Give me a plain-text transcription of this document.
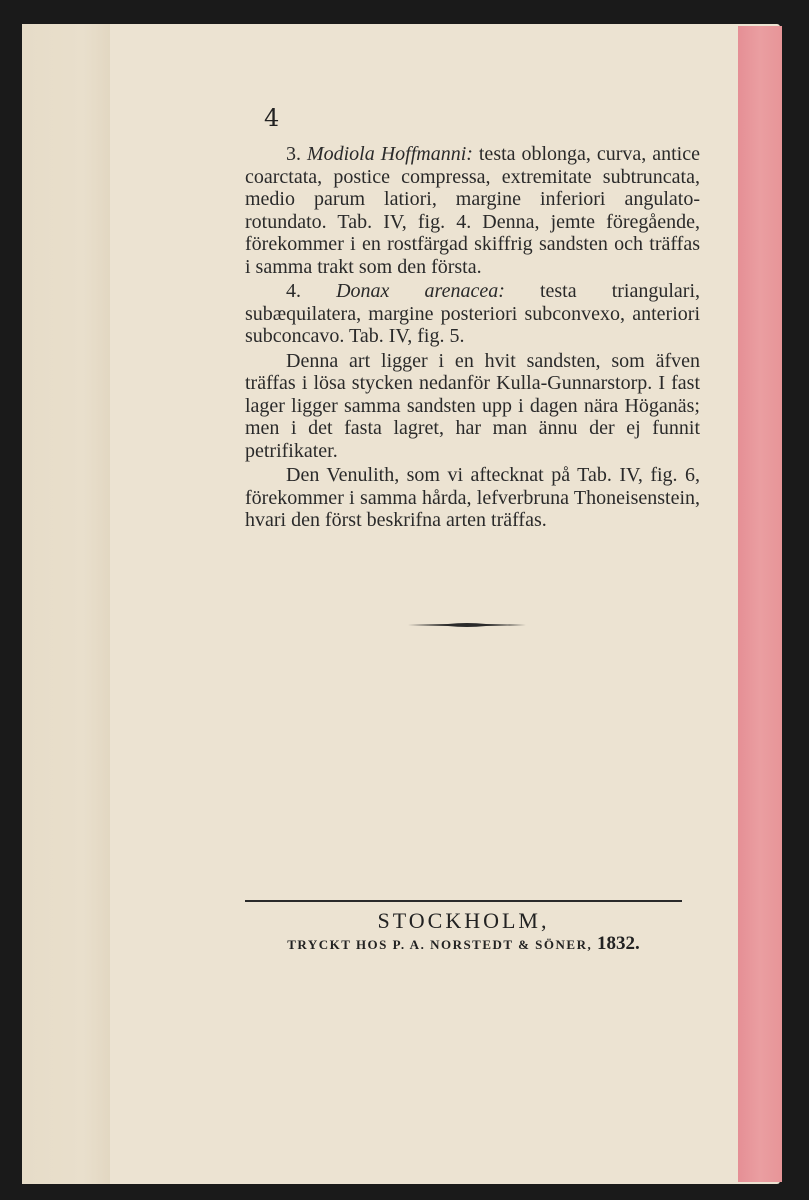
4

3. Modiola Hoffmanni: testa oblonga, curva, antice coarctata, postice compressa, extremitate subtruncata, medio parum latiori, margine inferiori angulato-rotundato. Tab. IV, fig. 4. Denna, jemte föregående, förekommer i en rostfärgad skiffrig sandsten och träffas i samma trakt som den första.

4. Donax arenacea: testa triangulari, subæquilatera, margine posteriori subconvexo, anteriori subconcavo. Tab. IV, fig. 5.

Denna art ligger i en hvit sandsten, som äfven träffas i lösa stycken nedanför Kulla-Gunnarstorp. I fast lager ligger samma sandsten upp i dagen nära Höganäs; men i det fasta lagret, har man ännu der ej funnit petrifikater.

Den Venulith, som vi aftecknat på Tab. IV, fig. 6, förekommer i samma hårda, lefverbruna Thoneisenstein, hvari den först beskrifna arten träffas.

STOCKHOLM,
TRYCKT HOS P. A. NORSTEDT & SÖNER, 1832.
